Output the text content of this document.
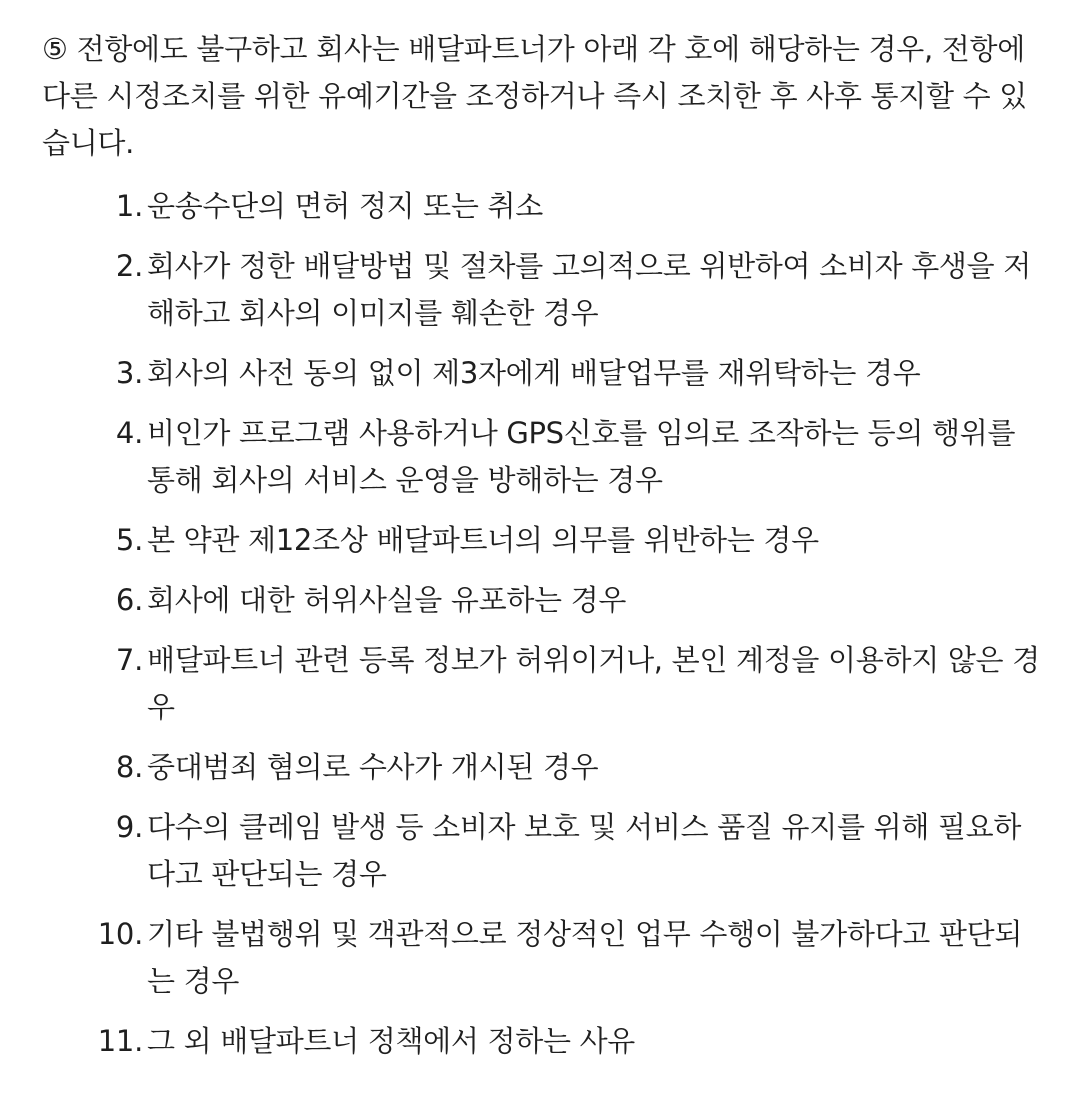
⑤ 전항에도 불구하고 회사는 배달파트너가 아래 각 호에 해당하는 경우, 전항에 다른 시정조치를 위한 유예기간을 조정하거나 즉시 조치한 후 사후 통지할 수 있습니다.

1. 운송수단의 면허 정지 또는 취소
2. 회사가 정한 배달방법 및 절차를 고의적으로 위반하여 소비자 후생을 저해하고 회사의 이미지를 훼손한 경우
3. 회사의 사전 동의 없이 제3자에게 배달업무를 재위탁하는 경우
4. 비인가 프로그램 사용하거나 GPS신호를 임의로 조작하는 등의 행위를 통해 회사의 서비스 운영을 방해하는 경우
5. 본 약관 제12조상 배달파트너의 의무를 위반하는 경우
6. 회사에 대한 허위사실을 유포하는 경우
7. 배달파트너 관련 등록 정보가 허위이거나, 본인 계정을 이용하지 않은 경우
8. 중대범죄 혐의로 수사가 개시된 경우
9. 다수의 클레임 발생 등 소비자 보호 및 서비스 품질 유지를 위해 필요하다고 판단되는 경우
10. 기타 불법행위 및 객관적으로 정상적인 업무 수행이 불가하다고 판단되는 경우
11. 그 외 배달파트너 정책에서 정하는 사유
